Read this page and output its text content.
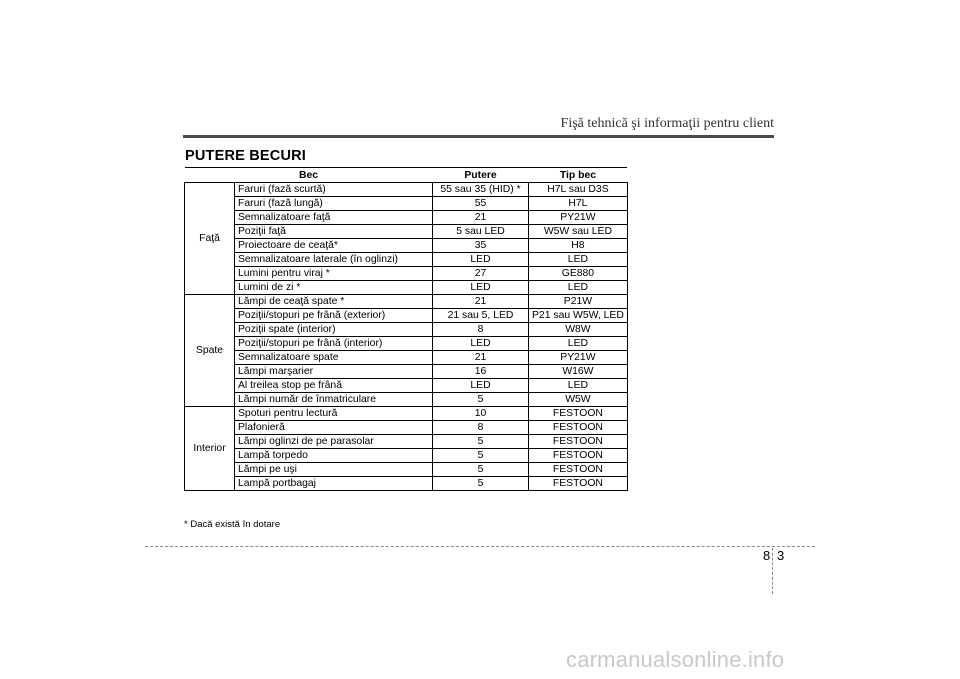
Fişă tehnică şi informaţii pentru client
PUTERE BECURI
Bec		Putere	Tip bec
Faţă	Faruri (fază scurtă)	55 sau 35 (HID) *	H7L sau D3S
	Faruri (fază lungă)	55	H7L
	Semnalizatoare faţă	21	PY21W
	Poziţii faţă	5 sau LED	W5W sau LED
	Proiectoare de ceaţă*	35	H8
	Semnalizatoare laterale (în oglinzi)	LED	LED
	Lumini pentru viraj *	27	GE880
	Lumini de zi *	LED	LED
Spate	Lămpi de ceaţă spate *	21	P21W
	Poziţii/stopuri pe frână (exterior)	21 sau 5, LED	P21 sau W5W, LED
	Poziţii spate (interior)	8	W8W
	Poziţii/stopuri pe frână (interior)	LED	LED
	Semnalizatoare spate	21	PY21W
	Lămpi marşarier	16	W16W
	Al treilea stop pe frână	LED	LED
	Lămpi număr de înmatriculare	5	W5W
Interior	Spoturi pentru lectură	10	FESTOON
	Plafonieră	8	FESTOON
	Lămpi oglinzi de pe parasolar	5	FESTOON
	Lampă torpedo	5	FESTOON
	Lămpi pe uşi	5	FESTOON
	Lampă portbagaj	5	FESTOON
* Dacă există în dotare
8 3
carmanualsonline.info
